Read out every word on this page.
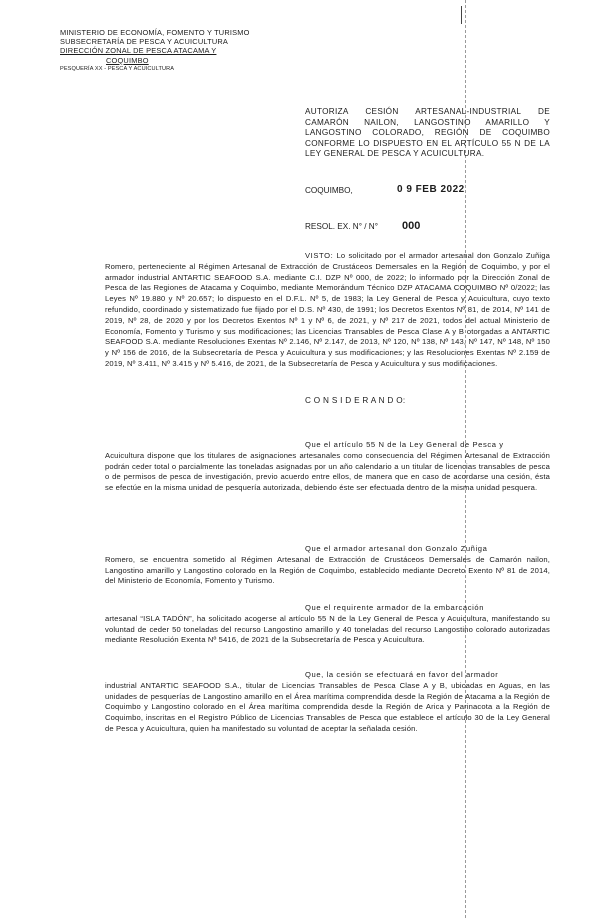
MINISTERIO DE ECONOMÍA, FOMENTO Y TURISMO
SUBSECRETARÍA DE PESCA Y ACUICULTURA
DIRECCIÓN ZONAL DE PESCA ATACAMA Y
COQUIMBO
PESQUERÍA XX - PESCA Y ACUICULTURA
AUTORIZA CESIÓN ARTESANAL-INDUSTRIAL DE CAMARÓN NAILON, LANGOSTINO AMARILLO Y LANGOSTINO COLORADO, REGIÓN DE COQUIMBO CONFORME LO DISPUESTO EN EL ARTÍCULO 55 N DE LA LEY GENERAL DE PESCA Y ACUICULTURA.
COQUIMBO,	0 9 FEB 2022
RESOL. EX. N° / N° 000
VISTO: Lo solicitado por el armador artesanal don Gonzalo Zuñiga Romero, perteneciente al Régimen Artesanal de Extracción de Crustáceos Demersales en la Región de Coquimbo, y por el armador industrial ANTARTIC SEAFOOD S.A. mediante C.I. DZP Nº 000, de 2022; lo informado por la Dirección Zonal de Pesca de las Regiones de Atacama y Coquimbo, mediante Memorándum Técnico DZP ATACAMA COQUIMBO Nº 0/2022; las Leyes Nº 19.880 y Nº 20.657; lo dispuesto en el D.F.L. Nº 5, de 1983; la Ley General de Pesca y Acuicultura, cuyo texto refundido, coordinado y sistematizado fue fijado por el D.S. Nº 430, de 1991; los Decretos Exentos Nº 81, de 2014, Nº 141 de 2019, Nº 28, de 2020 y por los Decretos Exentos Nº 1 y Nº 6, de 2021, y Nº 217 de 2021, todos del actual Ministerio de Economía, Fomento y Turismo y sus modificaciones; las Licencias Transables de Pesca Clase A y B otorgadas a ANTARTIC SEAFOOD S.A. mediante Resoluciones Exentas Nº 2.146, Nº 2.147, de 2013, Nº 120, Nº 138, Nº 143, Nº 147, Nº 148, Nº 150 y Nº 156 de 2016, de la Subsecretaría de Pesca y Acuicultura y sus modificaciones; y las Resoluciones Exentas Nº 2.159 de 2019, Nº 3.411, Nº 3.415 y Nº 5.416, de 2021, de la Subsecretaría de Pesca y Acuicultura y sus modificaciones.
C O N S I D E R A N D O:
Que el artículo 55 N de la Ley General de Pesca y
Acuicultura dispone que los titulares de asignaciones artesanales como consecuencia del Régimen Artesanal de Extracción podrán ceder total o parcialmente las toneladas asignadas por un año calendario a un titular de licencias transables de pesca o de permisos de pesca de investigación, previo acuerdo entre ellos, de manera que en caso de acordarse una cesión, ésta se efectúe en la misma unidad de pesquería autorizada, debiendo éste ser efectuada dentro de la misma unidad pesquera.
Que el armador artesanal don Gonzalo Zuñiga
Romero, se encuentra sometido al Régimen Artesanal de Extracción de Crustáceos Demersales de Camarón nailon, Langostino amarillo y Langostino colorado en la Región de Coquimbo, establecido mediante Decreto Exento Nº 81 de 2014, del Ministerio de Economía, Fomento y Turismo.
Que el requirente armador de la embarcación
artesanal “ISLA TADÓN”, ha solicitado acogerse al artículo 55 N de la Ley General de Pesca y Acuicultura, manifestando su voluntad de ceder 50 toneladas del recurso Langostino amarillo y 40 toneladas del recurso Langostino colorado autorizadas mediante Resolución Exenta Nº 5416, de 2021 de la Subsecretaría de Pesca y Acuicultura.
Que, la cesión se efectuará en favor del armador
industrial ANTARTIC SEAFOOD S.A., titular de Licencias Transables de Pesca Clase A y B, ubicadas en Aguas, en las unidades de pesquerías de Langostino amarillo en el Área marítima comprendida desde la Región de Atacama a la Región de Coquimbo y Langostino colorado en el Área marítima comprendida desde la Región de Arica y Parinacota a la Región de Coquimbo, inscritas en el Registro Público de Licencias Transables de Pesca que establece el artículo 30 de la Ley General de Pesca y Acuicultura, quien ha manifestado su voluntad de aceptar la señalada cesión.
